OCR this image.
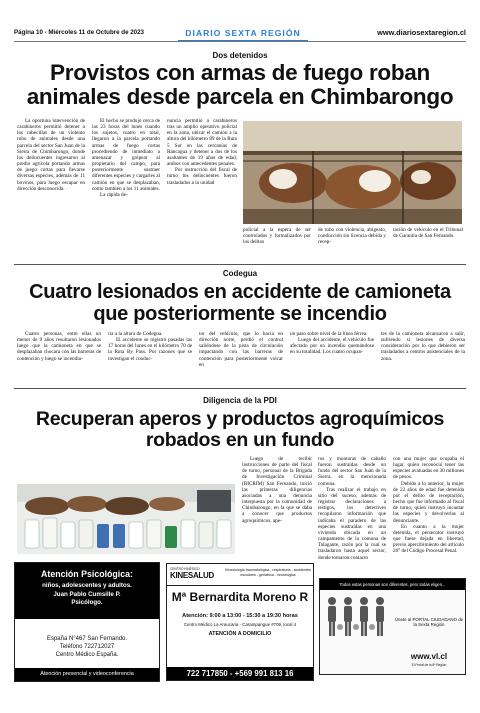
Página 10 - Miércoles 11 de Octubre de 2023	DIARIO SEXTA REGIÓN	www.diariosextaregion.cl
Dos detenidos
Provistos con armas de fuego roban
animales desde parcela en Chimbarongo

La oportuna intervención de carabineros permitió detener a los cabecillas de un violento robo de animales desde una parcela del sector San Juan de la Sierra de Chimbarongo, donde los delincuentes ingresaron al predio agrícola portando armas de juego cortas para llevarse diversas especies, además de 11 bovinos, para luego escapar en dirección desconocida.

El hecho se produjo cerca de las 23 horas del lunes cuando los sujetos, cuatro en total, llegaron a la parcela portando armas de fuego cortas procediendo de inmediato a amenazar y golpear al propietario del campo, para posteriormente sustraer diferentes especies y cargarles al camión en que se desplazaban, como también a los 11 animales.

La rápida de-

nuncia permitió a carabineros tras un amplio operativo policial en la zona, ubicar el camión a la altura del kilómetro 89 de la Ruta 5 Sur en las cercanías de Rancagua y detener a dos de los asaltantes de 19 años de edad, ambos con antecedentes penales.

Por instrucción del fiscal de turno los delincuentes fueron trasladados a la unidad

policial a la espera de ser controlados y formalizados por los delitos

de robo con violencia, abigeato, conducción sin licencia debida y recep-

tación de vehículo en el Tribunal de Garantía de San Fernando.

Codegua
Cuatro lesionados en accidente de camioneta
que posteriormente se incendio

Cuatro personas, entre ellas un menor de 9 años resultaron lesionados luego que la camioneta en que se desplazaban chocara con las barreras de contención y luego se incendia-

ria a la altura de Codegua.

El accidente se registró pasadas las 17 horas del lunes en el kilómetro 70 de la Ruta By Pass. Por razones que se investigan el conduc-

tor del vehículo, que lo hacía en dirección norte, perdió el control saliéndose de la pista de circulación impactando con las barreras de contención para posteriormente volcar en

un paso sobre nivel de la línea férrea.

Luego del accidente, el vehículo fue afectado por un incendio quemándose en su totalidad. Los cuatro ocupan-

tes de la camioneta alcanzaron a salir, sufriendo sí lesiones de diversa consideración por lo que debieron ser trasladados a centros asistenciales de la zona.

Diligencia de la PDI
Recuperan aperos y productos agroquímicos
robados en un fundo

Luego de recibir instrucciones de parte del fiscal de turno, personal de la Brigada de Investigación Criminal (BICRIM) San Fernando, inició las primeras diligencias asociadas a una denuncia interpuesta por la comunidad de Chimbarongo, en la que se daba a conocer que productos agroquímicos, ape-

ros y monturas de caballo fueron sustraídas desde un fundo del sector San Juan de la Sierra, en la mencionada comuna.

Tras realizar el trabajo en sitio del suceso, además de registrar declaraciones a testigos, los detectives recopilaron información que indicaba el paradero de las especies sustraídas en una vivienda ubicada en un campamento de la comuna de Talagante, razón por la cual se trasladaron hasta aquel sector, donde tomaron contacto

con una mujer que ocupaba el lugar, quien reconoció tener las especies avaluadas en 30 millones de pesos.

Debido a lo anterior, la mujer de 22 años de edad fue detenida por el delito de receptación, hecho que fue informado al fiscal de turno, quien instruyó incautar las especies y devolverlas al denunciante.

En cuanto a la mujer detenida, el persecutor instruyó que fuese dejada en libertad, previo apercibimiento del artículo 26° del Código Procesal Penal.

Atención Psicológica:
niños, adolescentes y adultos.
Juan Pablo Cumsille P.
Psicólogo.
España N°467 San Fernando.
Teléfono 722712027
Centro Médico España.
Atención presencial y videoconferencia
CENTRO KINÉSICO
KINESALUD
Kinesiología traumatológica - respiratoria - accidentes escolares - geriátrica - neurológica
Mª Bernardita Moreno R
Atención: 9:00 a 13:00 - 15:30 a 19:30 horas
Centro Médico La Araucaria - Carampangue #709, local 4
ATENCIÓN A DOMICILIO
722 717850 - +569 991 813 16
Todos estas personas son diferentes, pero todas eligen...
Únete al PORTAL CIUDADANO de la Sexta Región
www.vl.cl
El Portal de la 6ª Región
